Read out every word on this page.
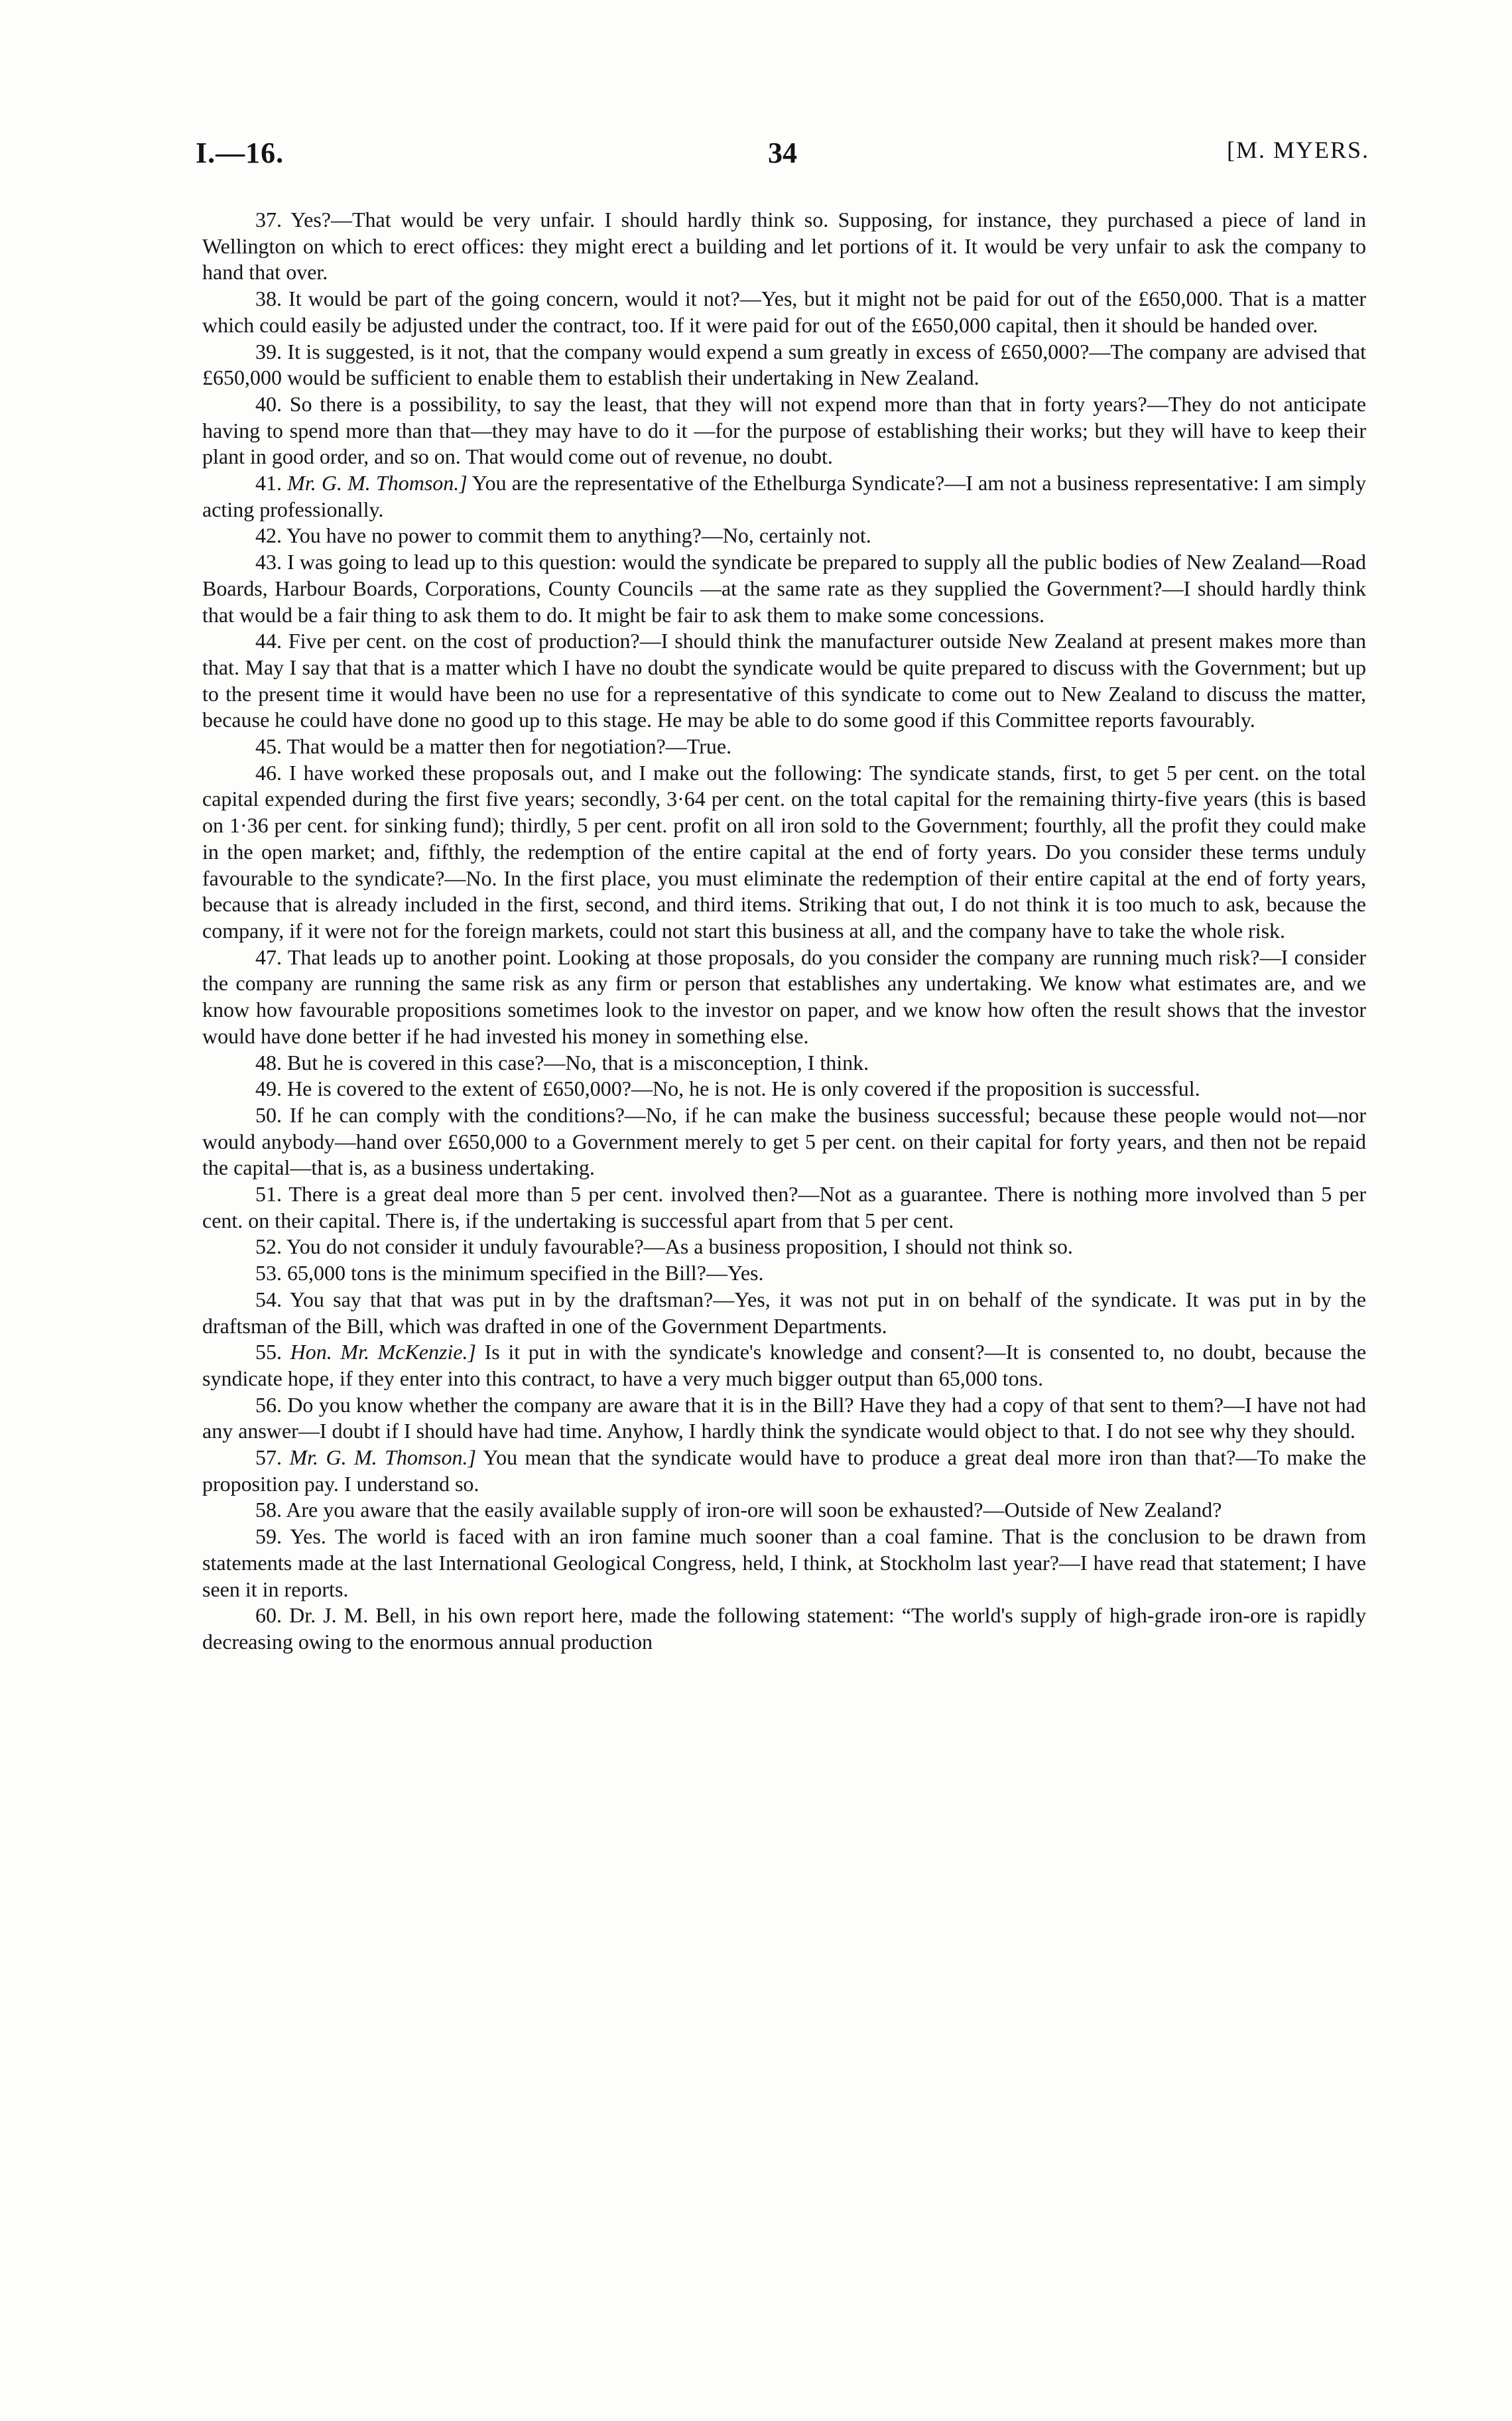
I.—16.	34	[M. MYERS.

37. Yes?—That would be very unfair. I should hardly think so. Supposing, for instance, they purchased a piece of land in Wellington on which to erect offices: they might erect a building and let portions of it. It would be very unfair to ask the company to hand that over.

38. It would be part of the going concern, would it not?—Yes, but it might not be paid for out of the £650,000. That is a matter which could easily be adjusted under the contract, too. If it were paid for out of the £650,000 capital, then it should be handed over.

39. It is suggested, is it not, that the company would expend a sum greatly in excess of £650,000?—The company are advised that £650,000 would be sufficient to enable them to establish their undertaking in New Zealand.

40. So there is a possibility, to say the least, that they will not expend more than that in forty years?—They do not anticipate having to spend more than that—they may have to do it —for the purpose of establishing their works; but they will have to keep their plant in good order, and so on. That would come out of revenue, no doubt.

41. Mr. G. M. Thomson.] You are the representative of the Ethelburga Syndicate?—I am not a business representative: I am simply acting professionally.

42. You have no power to commit them to anything?—No, certainly not.

43. I was going to lead up to this question: would the syndicate be prepared to supply all the public bodies of New Zealand—Road Boards, Harbour Boards, Corporations, County Councils —at the same rate as they supplied the Government?—I should hardly think that would be a fair thing to ask them to do. It might be fair to ask them to make some concessions.

44. Five per cent. on the cost of production?—I should think the manufacturer outside New Zealand at present makes more than that. May I say that that is a matter which I have no doubt the syndicate would be quite prepared to discuss with the Government; but up to the present time it would have been no use for a representative of this syndicate to come out to New Zealand to discuss the matter, because he could have done no good up to this stage. He may be able to do some good if this Committee reports favourably.

45. That would be a matter then for negotiation?—True.

46. I have worked these proposals out, and I make out the following: The syndicate stands, first, to get 5 per cent. on the total capital expended during the first five years; secondly, 3·64 per cent. on the total capital for the remaining thirty-five years (this is based on 1·36 per cent. for sinking fund); thirdly, 5 per cent. profit on all iron sold to the Government; fourthly, all the profit they could make in the open market; and, fifthly, the redemption of the entire capital at the end of forty years. Do you consider these terms unduly favourable to the syndicate?—No. In the first place, you must eliminate the redemption of their entire capital at the end of forty years, because that is already included in the first, second, and third items. Striking that out, I do not think it is too much to ask, because the company, if it were not for the foreign markets, could not start this business at all, and the company have to take the whole risk.

47. That leads up to another point. Looking at those proposals, do you consider the company are running much risk?—I consider the company are running the same risk as any firm or person that establishes any undertaking. We know what estimates are, and we know how favourable propositions sometimes look to the investor on paper, and we know how often the result shows that the investor would have done better if he had invested his money in something else.

48. But he is covered in this case?—No, that is a misconception, I think.

49. He is covered to the extent of £650,000?—No, he is not. He is only covered if the proposition is successful.

50. If he can comply with the conditions?—No, if he can make the business successful; because these people would not—nor would anybody—hand over £650,000 to a Government merely to get 5 per cent. on their capital for forty years, and then not be repaid the capital—that is, as a business undertaking.

51. There is a great deal more than 5 per cent. involved then?—Not as a guarantee. There is nothing more involved than 5 per cent. on their capital. There is, if the undertaking is successful apart from that 5 per cent.

52. You do not consider it unduly favourable?—As a business proposition, I should not think so.

53. 65,000 tons is the minimum specified in the Bill?—Yes.

54. You say that that was put in by the draftsman?—Yes, it was not put in on behalf of the syndicate. It was put in by the draftsman of the Bill, which was drafted in one of the Government Departments.

55. Hon. Mr. McKenzie.] Is it put in with the syndicate's knowledge and consent?—It is consented to, no doubt, because the syndicate hope, if they enter into this contract, to have a very much bigger output than 65,000 tons.

56. Do you know whether the company are aware that it is in the Bill? Have they had a copy of that sent to them?—I have not had any answer—I doubt if I should have had time. Anyhow, I hardly think the syndicate would object to that. I do not see why they should.

57. Mr. G. M. Thomson.] You mean that the syndicate would have to produce a great deal more iron than that?—To make the proposition pay. I understand so.

58. Are you aware that the easily available supply of iron-ore will soon be exhausted?—Outside of New Zealand?

59. Yes. The world is faced with an iron famine much sooner than a coal famine. That is the conclusion to be drawn from statements made at the last International Geological Congress, held, I think, at Stockholm last year?—I have read that statement; I have seen it in reports.

60. Dr. J. M. Bell, in his own report here, made the following statement: “The world's supply of high-grade iron-ore is rapidly decreasing owing to the enormous annual production
